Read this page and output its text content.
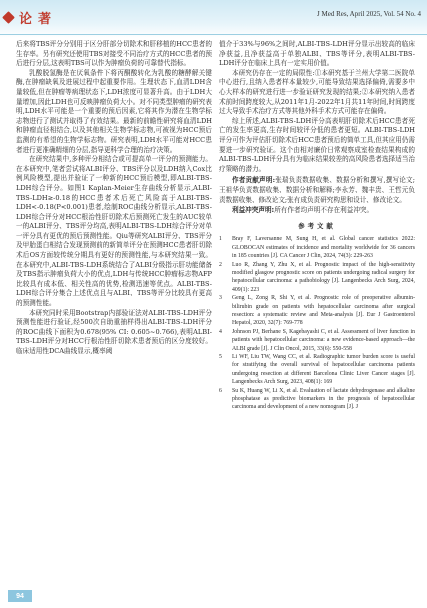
论著	J Med Res, April 2025, Vol. 54 No. 4

后来将TBS评分分别用于区分肝部分切除术和肝移植的HCC患者的生存率。另有研究还使用TBS对接受不同治疗方式的HCC患者的预后进行分层,这表明TBS可以作为肿瘤负荷的可靠替代指标。

乳酸脱氢酶是在厌氧条件下将丙酮酸转化为乳酸的糖酵解关键酶,在肿瘤缺氧及进展过程中起重要作用。生理状态下,血清LDH含量较低,但在肿瘤等病理状态下,LDH浓度可显著升高。由于LDH大量增加,因此LDH也可反映肿瘤负荷大小。对不同类型肿瘤的研究表明,LDH水平可能是一个重要的预后因素,它将其作为潜在生物学标志物进行了测试并取得了有效结果。最新的前瞻性研究将血清LDH和肿瘤直径相结合,以及其他相关生物学标志物,可被视为HCC预后监测的有希望的生物学标志物。研究表明,LDH水平可能对HCC患者进行更准确精细的分层,指导更科学合理的治疗决策。

在研究结果中,多种评分相结合或可提高单一评分的预测能力。在本研究中,笔者尝试将ALBI评分、TBS评分以及LDH纳入Cox比例风险模型,提出并验证了一种新的HCC预后模型,即ALBI-TBS-LDH综合评分。如图1 Kaplan-Meier生存曲线分析显示,ALBI-TBS-LDH≥-0.18的HCC患者术后死亡风险高于ALBI-TBS-LDH<-0.18(P<0.001)患者,绘制ROC曲线分析显示,ALBI-TBS-LDH综合评分对HCC根治性肝切除术后预测死亡发生的AUC较单一的ALBI评分、TBS评分均高,表明ALBI-TBS-LDH综合评分对单一评分具有更优的预后预测性能。Qiu等研究ALBI评分、TBS评分及甲胎蛋白相结合发现预测前的新简单评分在预测HCC患者肝切除术后OS方面较传统分期具有更好的预测性能,与本研究结果一致。在本研究中,ALBI-TBS-LDH系统结合了ALBI分级指示肝功能储备及TBS指示肿瘤负荷大小的优点,LDH与传统HCC肿瘤标志物AFP比较具有成本低、相关性高的优势,检测迅速等优点。ALBI-TBS-LDH综合评分集合上述优点且与ALBI、TBS等评分比较具有更高的预测性能。

本研究同时采用Bootstrap内部验证法对ALBI-TBS-LDH评分预测性能进行验证,经500次自助重抽样得出ALBI-TBS-LDH评分的ROC曲线下面积为0.678(95% CI: 0.605~0.766),表明ALBI-TBS-LDH评分对HCC行根治性肝切除术患者预后的区分度较好。临床适用性DCA曲线显示,概率阈

值介于33%与96%之间时,ALBI-TBS-LDH评分显示出较高的临床净获益,且净获益高于单独ALBI、TBS等评分,表明ALBI-TBS-LDH评分在临床上具有一定实用价值。

本研究仍存在一定的局限性:①本研究基于兰州大学第二医院单中心进行,且纳入患者样本量较少,可能导致结果选择偏倚,需要多中心大样本的研究进行进一步验证研究发现的结果;②本研究纳入患者术前时间跨度较大,从2011年1月-2022年1月共11年时间,时间跨度过大导致手术治疗方式等其他外科手术方式可能存在偏倚。

综上所述,ALBI-TBS-LDH评分高表明肝切除术后HCC患者死亡的发生率更高,生存时间较评分低的患者更短。ALBI-TBS-LDH评分可作为评估肝切除术后HCC患者预后的简单工具,但其应用仍需要进一步研究验证。这个由相对廉价日常观察成室检查结果构成的ALBI-TBS-LDH评分具有为临床结果较差的高风险患者选择适当治疗策略的潜力。

作者贡献声明:张瑞负责数据收集、数据分析和撰写,撰写论文;王祖华负责数据收集、数据分析和解释;李永芳、魏丰贵、王哲元负责数据收集、修改论文;张有成负责研究构思和设计、修改论文。

利益冲突声明:所有作者均声明不存在利益冲突。

参考文献
1	Bray F, Laversanne M, Sung H, et al. Global cancer statistics 2022: GLOBOCAN estimates of incidence and mortality worldwide for 36 cancers in 185 countries [J]. CA Cancer J Clin, 2024, 74(3): 229-263
2	Luo R, Zhang Y, Zhu X, et al. Prognostic impact of the high-sensitivity modified glasgow prognostic score on patients undergoing radical surgery for hepatocellular carcinoma: a pathobiology [J]. Langenbecks Arch Surg, 2024, 409(1): 223
3	Geng L, Zong R, Shi Y, et al. Prognostic role of preoperative albumin-bilirubin grade on patients with hepatocellular carcinoma after surgical resection: a systematic review and Meta-analysis [J]. Eur J Gastroenterol Hepatol, 2020, 32(7): 769-778
4	Johnson PJ, Berhane S, Kagebayashi C, et al. Assessment of liver function in patients with hepatocellular carcinoma: a new evidence-based approach—the ALBI grade [J]. J Clin Oncol, 2015, 33(6): 550-558
5	Li WF, Liu TW, Wang CC, et al. Radiographic tumor burden score is useful for stratifying the overall survival of hepatocellular carcinoma patients undergoing resection at different Barcelona Clinic Liver Cancer stages [J]. Langenbecks Arch Surg, 2023, 408(1): 169
6	Su K, Huang W, Li X, et al. Evaluation of lactate dehydrogenase and alkaline phosphatase as predictive biomarkers in the prognosis of hepatocellular carcinoma and development of a new nomogram [J]. J
94
